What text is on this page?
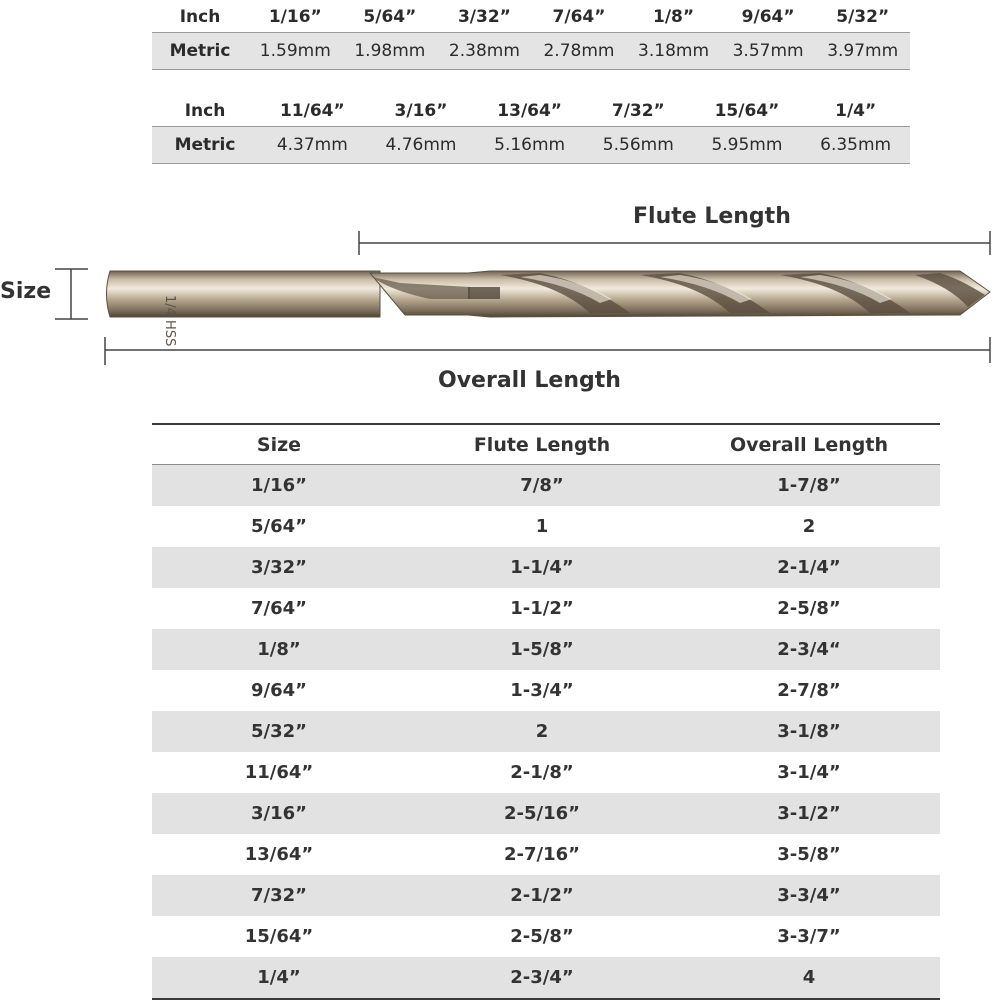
Inch	1/16”	5/64”	3/32”	7/64”	1/8”	9/64”	5/32”
Metric	1.59mm	1.98mm	2.38mm	2.78mm	3.18mm	3.57mm	3.97mm
Inch	11/64”	3/16”	13/64”	7/32”	15/64”	1/4”
Metric	4.37mm	4.76mm	5.16mm	5.56mm	5.95mm	6.35mm
1/4 HSS
Flute Length
Size
Overall Length
Size	Flute Length	Overall Length
1/16”	7/8”	1-7/8”
5/64”	1	2
3/32”	1-1/4”	2-1/4”
7/64”	1-1/2”	2-5/8”
1/8”	1-5/8”	2-3/4“
9/64”	1-3/4”	2-7/8”
5/32”	2	3-1/8”
11/64”	2-1/8”	3-1/4”
3/16”	2-5/16”	3-1/2”
13/64”	2-7/16”	3-5/8”
7/32”	2-1/2”	3-3/4”
15/64”	2-5/8”	3-3/7”
1/4”	2-3/4”	4
